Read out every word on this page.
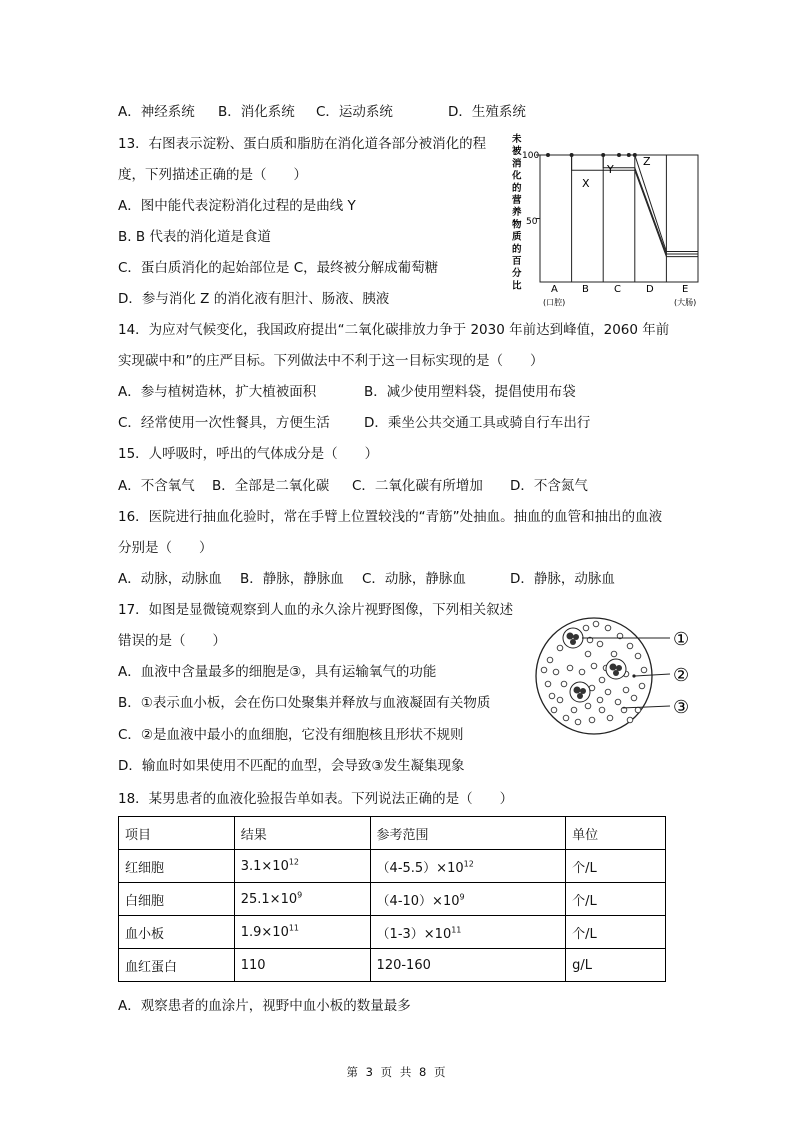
A．神经系统 B．消化系统 C．运动系统	D．生殖系统
13．右图表示淀粉、蛋白质和脂肪在消化道各部分被消化的程
度，下列描述正确的是（　　）
A．图中能代表淀粉消化过程的是曲线 Y
B. B 代表的消化道是食道
C．蛋白质消化的起始部位是 C，最终被分解成葡萄糖
D．参与消化 Z 的消化液有胆汁、肠液、胰液
未被消化的营养物质的百分比
100
50
X
Y
Z
A B	C	D	E
(口腔)	(大肠)
14．为应对气候变化，我国政府提出“二氧化碳排放力争于 2030 年前达到峰值，2060 年前
实现碳中和”的庄严目标。下列做法中不利于这一目标实现的是（　　）
A．参与植树造林，扩大植被面积	B．减少使用塑料袋，提倡使用布袋
C．经常使用一次性餐具，方便生活	D．乘坐公共交通工具或骑自行车出行
15．人呼吸时，呼出的气体成分是（　　）
A．不含氧气 B．全部是二氧化碳 C．二氧化碳有所增加 D．不含氮气
16．医院进行抽血化验时，常在手臂上位置较浅的“青筋”处抽血。抽血的血管和抽出的血液
分别是（　　）
A．动脉，动脉血 B．静脉，静脉血 C．动脉，静脉血	D．静脉，动脉血
17．如图是显微镜观察到人血的永久涂片视野图像，下列相关叙述
错误的是（　　）
A．血液中含量最多的细胞是③，具有运输氧气的功能
B．①表示血小板，会在伤口处聚集并释放与血液凝固有关物质
C．②是血液中最小的血细胞，它没有细胞核且形状不规则
D．输血时如果使用不匹配的血型，会导致③发生凝集现象
①
②
③
18．某男患者的血液化验报告单如表。下列说法正确的是（　　）
项目	结果	参考范围	单位
红细胞	$3.1\times 10^{12}$	$(4-5.5)\times 10^{12}$	个/L
白细胞	$25.1\times 10^9$	$(4-10)\times 10^9$	个/L
血小板	$1.9\times 10^{11}$	$(1-3)\times 10^{11}$	个/L
血红蛋白	110	120-160	g/L
A．观察患者的血涂片，视野中血小板的数量最多
第 3 页 共 8 页
